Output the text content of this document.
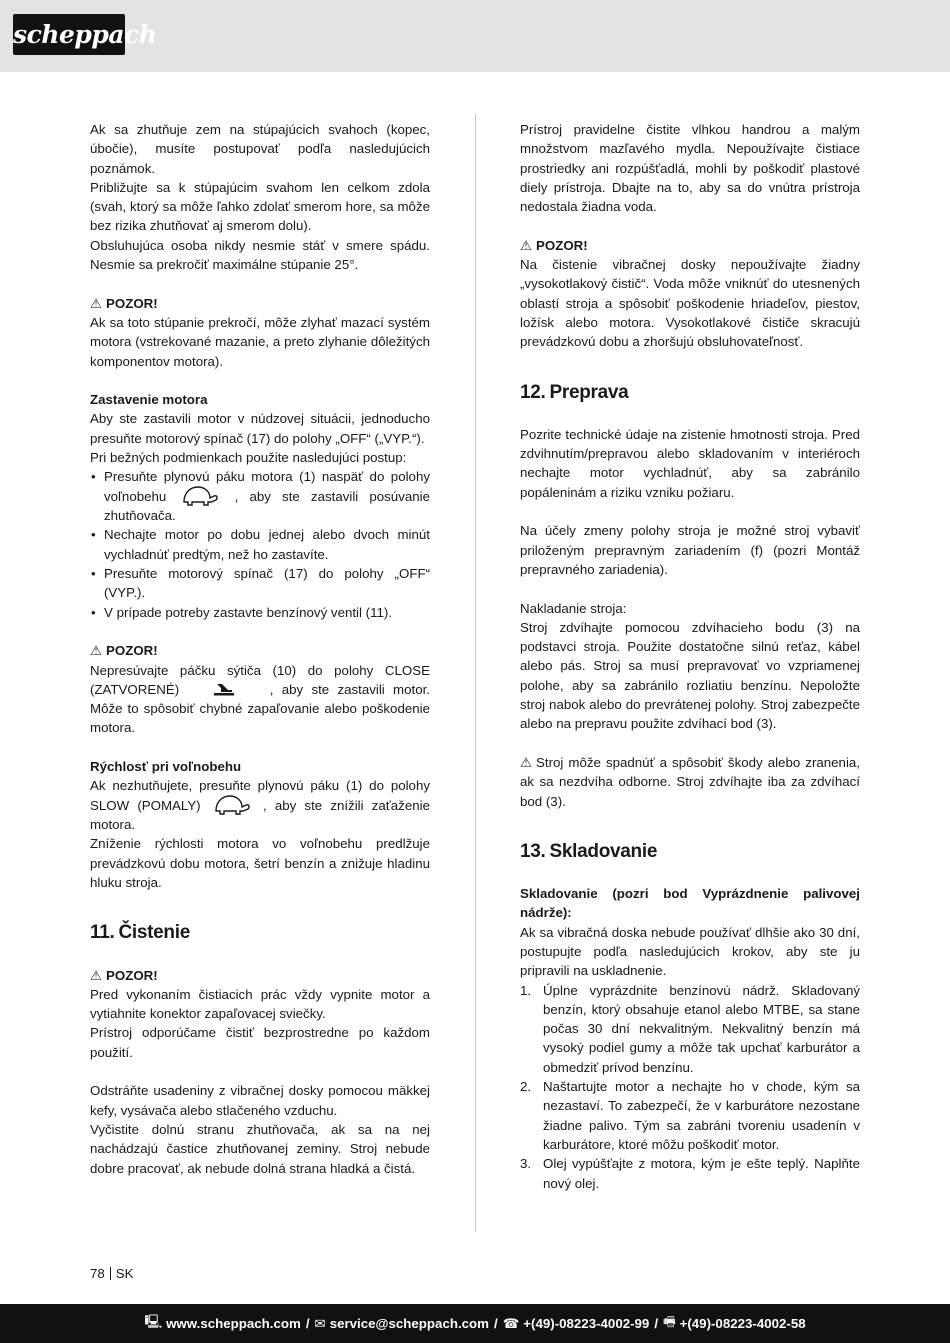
scheppach

Ak sa zhutňuje zem na stúpajúcich svahoch (kopec, úbočie), musíte postupovať podľa nasledujúcich poznámok.

Približujte sa k stúpajúcim svahom len celkom zdola (svah, ktorý sa môže ľahko zdolať smerom hore, sa môže bez rizika zhutňovať aj smerom dolu).

Obsluhujúca osoba nikdy nesmie stáť v smere spádu. Nesmie sa prekročiť maximálne stúpanie 25°.

⚠ POZOR!

Ak sa toto stúpanie prekročí, môže zlyhať mazací systém motora (vstrekované mazanie, a preto zlyhanie dôležitých komponentov motora).

Zastavenie motora

Aby ste zastavili motor v núdzovej situácii, jednoducho presuňte motorový spínač (17) do polohy „OFF“ („VYP.“).

Pri bežných podmienkach použite nasledujúci postup:

• Presuňte plynovú páku motora (1) naspäť do polohy voľnobehu	, aby ste zastavili posúvanie zhutňovača.
• Nechajte motor po dobu jednej alebo dvoch minút vychladnúť predtým, než ho zastavíte.
• Presuňte motorový spínač (17) do polohy „OFF“ (VYP.).
• V prípade potreby zastavte benzínový ventil (11).
⚠ POZOR!

Nepresúvajte páčku sýtiča (10) do polohy CLOSE (ZATVORENÉ)	, aby ste zastavili motor. Môže to spôsobiť chybné zapaľovanie alebo poškodenie motora.

Rýchlosť pri voľnobehu

Ak nezhutňujete, presuňte plynovú páku (1) do polohy SLOW (POMALY)	, aby ste znížili zaťaženie motora.

Zníženie rýchlosti motora vo voľnobehu predlžuje prevádzkovú dobu motora, šetrí benzín a znižuje hladinu hluku stroja.

11. Čistenie
⚠ POZOR!

Pred vykonaním čistiacich prác vždy vypnite motor a vytiahnite konektor zapaľovacej sviečky.

Prístroj odporúčame čistiť bezprostredne po každom použití.

Odstráňte usadeniny z vibračnej dosky pomocou mäkkej kefy, vysávača alebo stlačeného vzduchu.

Vyčistite dolnú stranu zhutňovača, ak sa na nej nachádzajú častice zhutňovanej zeminy. Stroj nebude dobre pracovať, ak nebude dolná strana hladká a čistá.

Prístroj pravidelne čistite vlhkou handrou a malým množstvom mazľavého mydla. Nepoužívajte čistiace prostriedky ani rozpúšťadlá, mohli by poškodiť plastové diely prístroja. Dbajte na to, aby sa do vnútra prístroja nedostala žiadna voda.

⚠ POZOR!

Na čistenie vibračnej dosky nepoužívajte žiadny „vysokotlakový čistič“. Voda môže vniknúť do utesnených oblastí stroja a spôsobiť poškodenie hriadeľov, piestov, ložísk alebo motora. Vysokotlakové čističe skracujú prevádzkovú dobu a zhoršujú obsluhovateľnosť.

12. Preprava

Pozrite technické údaje na zistenie hmotnosti stroja. Pred zdvihnutím/prepravou alebo skladovaním v interiéroch nechajte motor vychladnúť, aby sa zabránilo popáleninám a riziku vzniku požiaru.

Na účely zmeny polohy stroja je možné stroj vybaviť priloženým prepravným zariadením (f) (pozri Montáž prepravného zariadenia).

Nakladanie stroja:

Stroj zdvíhajte pomocou zdvíhacieho bodu (3) na podstavci stroja. Použite dostatočne silnú reťaz, kábel alebo pás. Stroj sa musí prepravovať vo vzpriamenej polohe, aby sa zabránilo rozliatiu benzínu. Nepoložte stroj nabok alebo do prevrátenej polohy. Stroj zabezpečte alebo na prepravu použite zdvíhací bod (3).

⚠ Stroj môže spadnúť a spôsobiť škody alebo zranenia, ak sa nezdvíha odborne. Stroj zdvíhajte iba za zdvíhací bod (3).

13. Skladovanie

Skladovanie (pozri bod Vyprázdnenie palivovej nádrže):

Ak sa vibračná doska nebude používať dlhšie ako 30 dní, postupujte podľa nasledujúcich krokov, aby ste ju pripravili na uskladnenie.

1. Úplne vyprázdnite benzínovú nádrž. Skladovaný benzín, ktorý obsahuje etanol alebo MTBE, sa stane počas 30 dní nekvalitným. Nekvalitný benzín má vysoký podiel gumy a môže tak upchať karburátor a obmedziť prívod benzínu.
2. Naštartujte motor a nechajte ho v chode, kým sa nezastaví. To zabezpečí, že v karburátore nezostane žiadne palivo. Tým sa zabráni tvoreniu usadenín v karburátore, ktoré môžu poškodiť motor.
3. Olej vypúšťajte z motora, kým je ešte teplý. Naplňte nový olej.
78 SK
🖳 www.scheppach.com / ✉ service@scheppach.com / ☎ +(49)-08223-4002-99 / 🖷 +(49)-08223-4002-58
